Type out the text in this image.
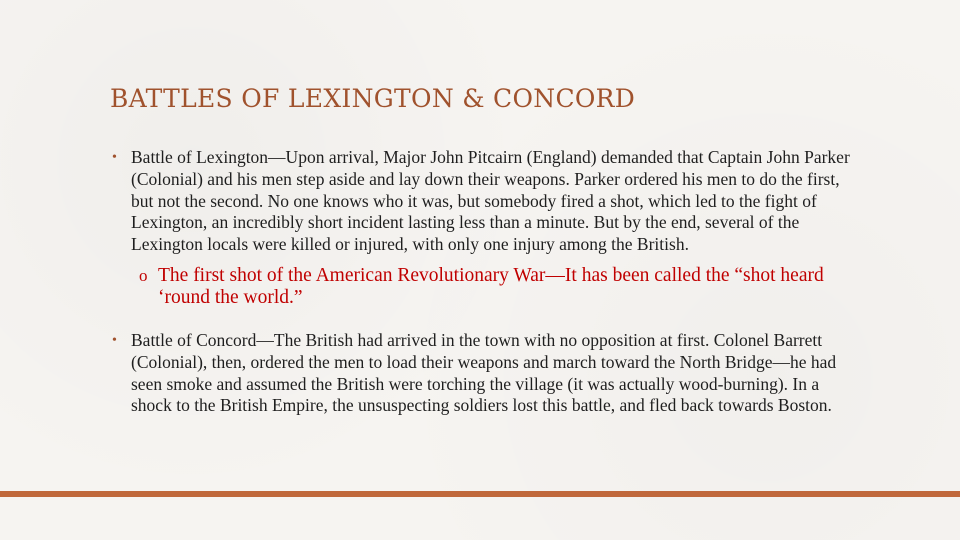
BATTLES OF LEXINGTON & CONCORD

• Battle of Lexington—Upon arrival, Major John Pitcairn (England) demanded that Captain John Parker (Colonial) and his men step aside and lay down their weapons. Parker ordered his men to do the first, but not the second. No one knows who it was, but somebody fired a shot, which led to the fight of Lexington, an incredibly short incident lasting less than a minute. But by the end, several of the Lexington locals were killed or injured, with only one injury among the British.

o The first shot of the American Revolutionary War—It has been called the “shot heard ‘round the world.”

• Battle of Concord—The British had arrived in the town with no opposition at first. Colonel Barrett (Colonial), then, ordered the men to load their weapons and march toward the North Bridge—he had seen smoke and assumed the British were torching the village (it was actually wood-burning). In a shock to the British Empire, the unsuspecting soldiers lost this battle, and fled back towards Boston.
